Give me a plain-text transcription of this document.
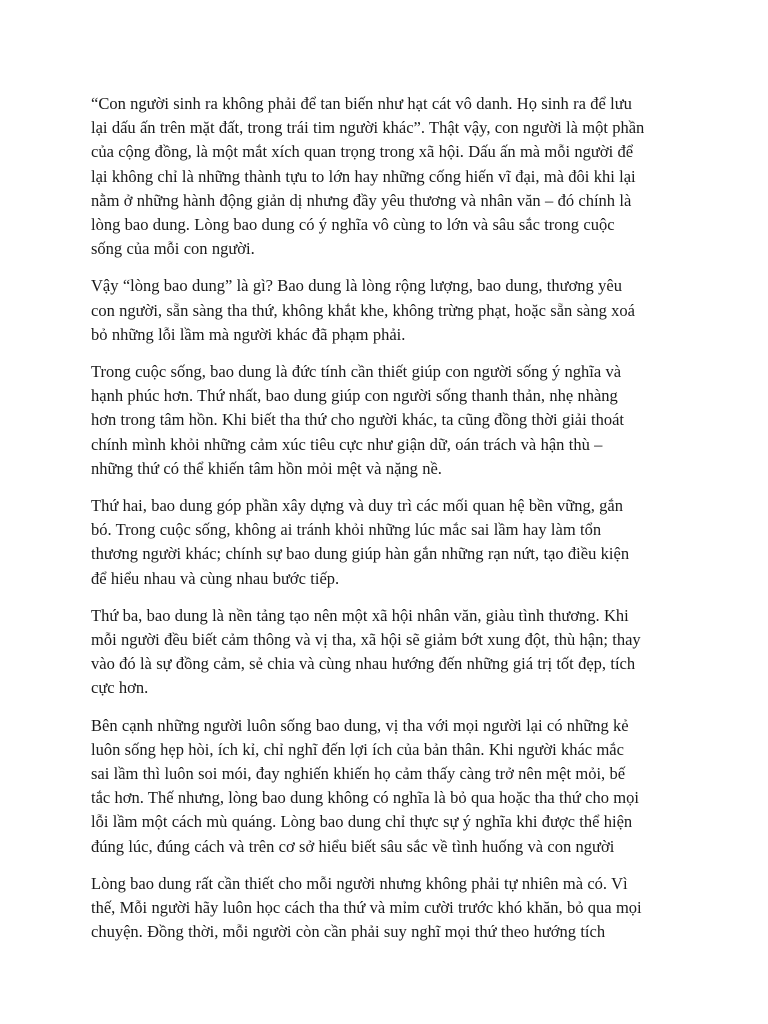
“Con người sinh ra không phải để tan biến như hạt cát vô danh. Họ sinh ra để lưu
lại dấu ấn trên mặt đất, trong trái tim người khác”. Thật vậy, con người là một phần
của cộng đồng, là một mắt xích quan trọng trong xã hội. Dấu ấn mà mỗi người để
lại không chỉ là những thành tựu to lớn hay những cống hiến vĩ đại, mà đôi khi lại
nằm ở những hành động giản dị nhưng đầy yêu thương và nhân văn – đó chính là
lòng bao dung. Lòng bao dung có ý nghĩa vô cùng to lớn và sâu sắc trong cuộc
sống của mỗi con người.

Vậy “lòng bao dung” là gì? Bao dung là lòng rộng lượng, bao dung, thương yêu
con người, sẵn sàng tha thứ, không khắt khe, không trừng phạt, hoặc sẵn sàng xoá
bỏ những lỗi lầm mà người khác đã phạm phải.

Trong cuộc sống, bao dung là đức tính cần thiết giúp con người sống ý nghĩa và
hạnh phúc hơn. Thứ nhất, bao dung giúp con người sống thanh thản, nhẹ nhàng
hơn trong tâm hồn. Khi biết tha thứ cho người khác, ta cũng đồng thời giải thoát
chính mình khỏi những cảm xúc tiêu cực như giận dữ, oán trách và hận thù –
những thứ có thể khiến tâm hồn mỏi mệt và nặng nề.

Thứ hai, bao dung góp phần xây dựng và duy trì các mối quan hệ bền vững, gắn
bó. Trong cuộc sống, không ai tránh khỏi những lúc mắc sai lầm hay làm tổn
thương người khác; chính sự bao dung giúp hàn gắn những rạn nứt, tạo điều kiện
để hiểu nhau và cùng nhau bước tiếp.

Thứ ba, bao dung là nền tảng tạo nên một xã hội nhân văn, giàu tình thương. Khi
mỗi người đều biết cảm thông và vị tha, xã hội sẽ giảm bớt xung đột, thù hận; thay
vào đó là sự đồng cảm, sẻ chia và cùng nhau hướng đến những giá trị tốt đẹp, tích
cực hơn.

Bên cạnh những người luôn sống bao dung, vị tha với mọi người lại có những kẻ
luôn sống hẹp hòi, ích kỉ, chỉ nghĩ đến lợi ích của bản thân. Khi người khác mắc
sai lầm thì luôn soi mói, đay nghiến khiến họ cảm thấy càng trở nên mệt mỏi, bế
tắc hơn. Thế nhưng, lòng bao dung không có nghĩa là bỏ qua hoặc tha thứ cho mọi
lỗi lầm một cách mù quáng. Lòng bao dung chỉ thực sự ý nghĩa khi được thể hiện
đúng lúc, đúng cách và trên cơ sở hiểu biết sâu sắc về tình huống và con người

Lòng bao dung rất cần thiết cho mỗi người nhưng không phải tự nhiên mà có. Vì
thế, Mỗi người hãy luôn học cách tha thứ và mỉm cười trước khó khăn, bỏ qua mọi
chuyện. Đồng thời, mỗi người còn cần phải suy nghĩ mọi thứ theo hướng tích
